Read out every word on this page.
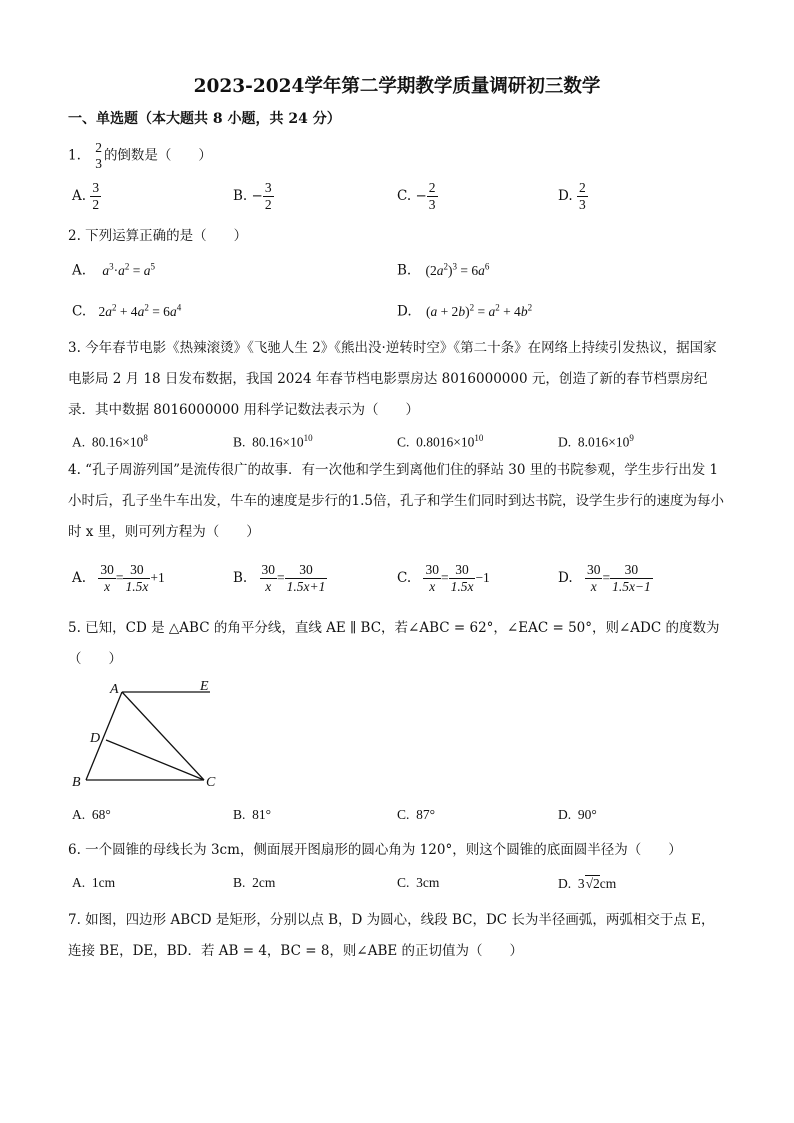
2023-2024学年第二学期教学质量调研初三数学
一、单选题（本大题共 8 小题，共 24 分）
1. 2
3 的倒数是（　　）
A. $\frac{3}{2}$	B. − $\frac{3}{2}$	C. − $\frac{2}{3}$	D. $\frac{2}{3}$
2. 下列运算正确的是（　　）
A. $a^3\cdot a^2 = a^5$	B. $(2a^2)^3 = 6a^6$
C. $2a^2 + 4a^2 = 6a^4$	D. $(a + 2b)^2 = a^2 + 4b^2$
3. 今年春节电影《热辣滚烫》《飞驰人生 2》《熊出没·逆转时空》《第二十条》在网络上持续引发热议，据国家电影局 2 月 18 日发布数据，我国 2024 年春节档电影票房达 8016000000 元，创造了新的春节档票房纪录．其中数据 8016000000 用科学记数法表示为（　　）
A. $80.16\times 10^8$	B. $80.16\times 10^{10}$	C. $0.8016\times 10^{10}$	D. $8.016\times 10^9$
4. “孔子周游列国”是流传很广的故事．有一次他和学生到离他们住的驿站 30 里的书院参观，学生步行出发 1 小时后，孔子坐牛车出发，牛车的速度是步行的1.5倍，孔子和学生们同时到达书院，设学生步行的速度为每小时 x 里，则可列方程为（　　）
A. $\frac{30}{x} = \frac{30}{1.5x} +1$	B. $\frac{30}{x} = \frac{30}{1.5x+1}$	C. $\frac{30}{x} = \frac{30}{1.5x} -1$	D. $\frac{30}{x} = \frac{30}{1.5x-1}$
5. 已知，CD 是 △ABC 的角平分线，直线 AE ∥ BC，若∠ABC = 62°，∠EAC = 50°，则∠ADC 的度数为（　　）
A	E
D
B	C
A. 68°	B. 81°	C. 87°	D. 90°
6. 一个圆锥的母线长为 3cm，侧面展开图扇形的圆心角为 120°，则这个圆锥的底面圆半径为（　　）
A. 1cm	B. 2cm	C. 3cm	D.  3√2cm
7. 如图，四边形 ABCD 是矩形，分别以点 B，D 为圆心，线段 BC，DC 长为半径画弧，两弧相交于点 E，连接 BE，DE，BD．若 AB = 4，BC = 8，则∠ABE 的正切值为（　　）
